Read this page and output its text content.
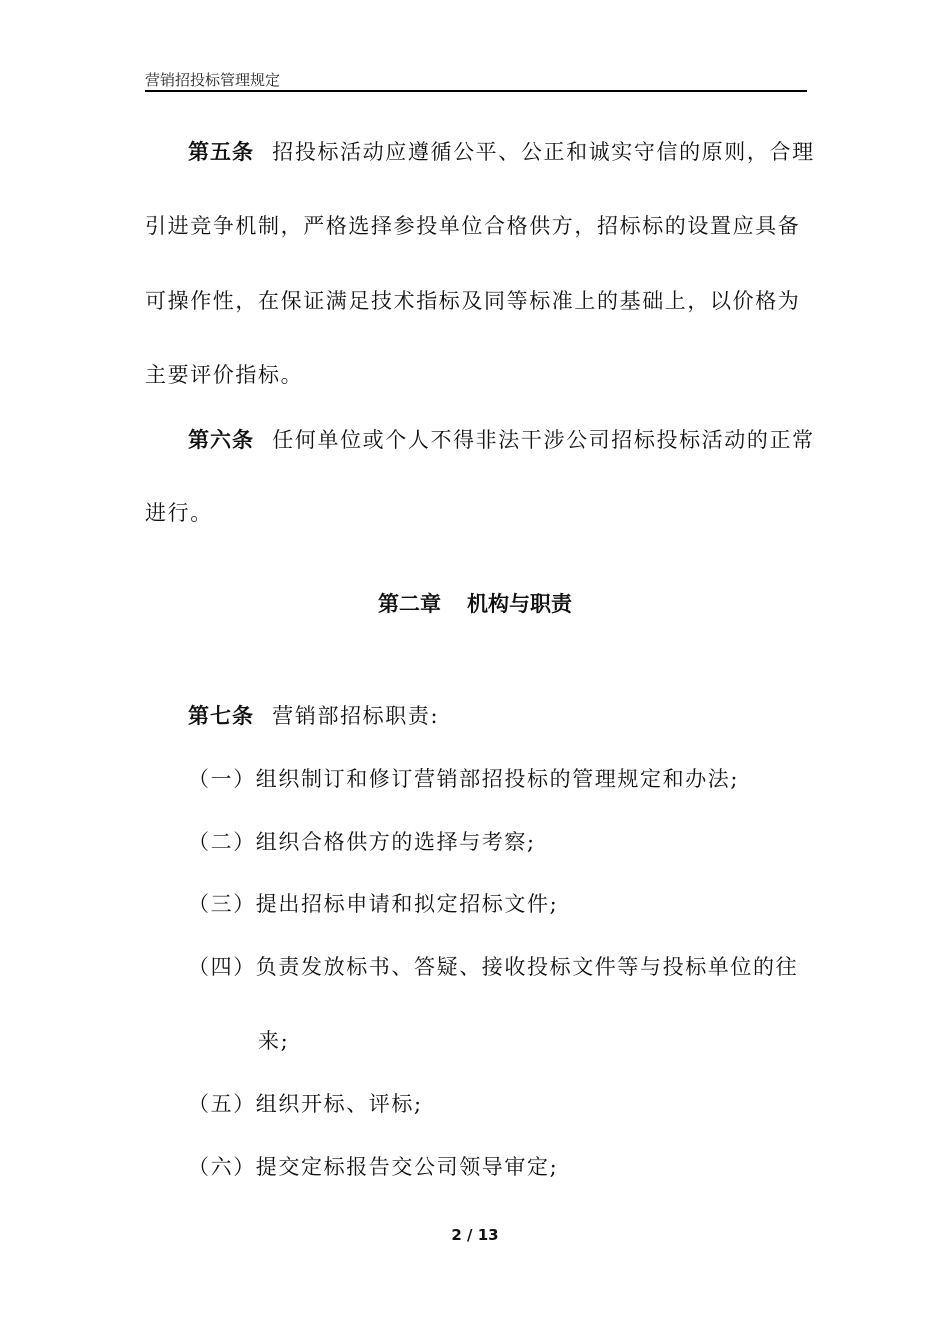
营销招投标管理规定
第五条 招投标活动应遵循公平、公正和诚实守信的原则，合理
引进竞争机制，严格选择参投单位合格供方，招标标的设置应具备
可操作性，在保证满足技术指标及同等标准上的基础上，以价格为
主要评价指标。
第六条 任何单位或个人不得非法干涉公司招标投标活动的正常
进行。
第二章 机构与职责
第七条 营销部招标职责:
（一）组织制订和修订营销部招投标的管理规定和办法;
（二）组织合格供方的选择与考察;
（三）提出招标申请和拟定招标文件;
（四）负责发放标书、答疑、接收投标文件等与投标单位的往
来;
（五）组织开标、评标;
（六）提交定标报告交公司领导审定;
2 / 13
